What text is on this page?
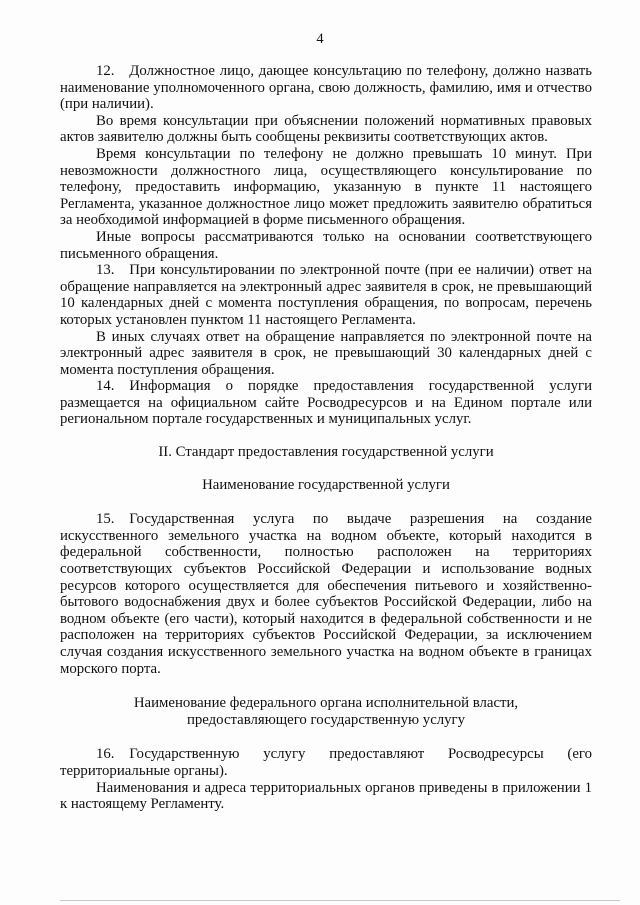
4

12. Должностное лицо, дающее консультацию по телефону, должно назвать наименование уполномоченного органа, свою должность, фамилию, имя и отчество (при наличии).

Во время консультации при объяснении положений нормативных правовых актов заявителю должны быть сообщены реквизиты соответствующих актов.

Время консультации по телефону не должно превышать 10 минут. При невозможности должностного лица, осуществляющего консультирование по телефону, предоставить информацию, указанную в пункте 11 настоящего Регламента, указанное должностное лицо может предложить заявителю обратиться за необходимой информацией в форме письменного обращения.

Иные вопросы рассматриваются только на основании соответствующего письменного обращения.

13. При консультировании по электронной почте (при ее наличии) ответ на обращение направляется на электронный адрес заявителя в срок, не превышающий 10 календарных дней с момента поступления обращения, по вопросам, перечень которых установлен пунктом 11 настоящего Регламента.

В иных случаях ответ на обращение направляется по электронной почте на электронный адрес заявителя в срок, не превышающий 30 календарных дней с момента поступления обращения.

14. Информация о порядке предоставления государственной услуги размещается на официальном сайте Росводресурсов и на Едином портале или региональном портале государственных и муниципальных услуг.

II. Стандарт предоставления государственной услуги
Наименование государственной услуги

15. Государственная услуга по выдаче разрешения на создание искусственного земельного участка на водном объекте, который находится в федеральной собственности, полностью расположен на территориях соответствующих субъектов Российской Федерации и использование водных ресурсов которого осуществляется для обеспечения питьевого и хозяйственно-бытового водоснабжения двух и более субъектов Российской Федерации, либо на водном объекте (его части), который находится в федеральной собственности и не расположен на территориях субъектов Российской Федерации, за исключением случая создания искусственного земельного участка на водном объекте в границах морского порта.

Наименование федерального органа исполнительной власти,
предоставляющего государственную услугу

16. Государственную услугу предоставляют Росводресурсы (его территориальные органы).

Наименования и адреса территориальных органов приведены в приложении 1 к настоящему Регламенту.
